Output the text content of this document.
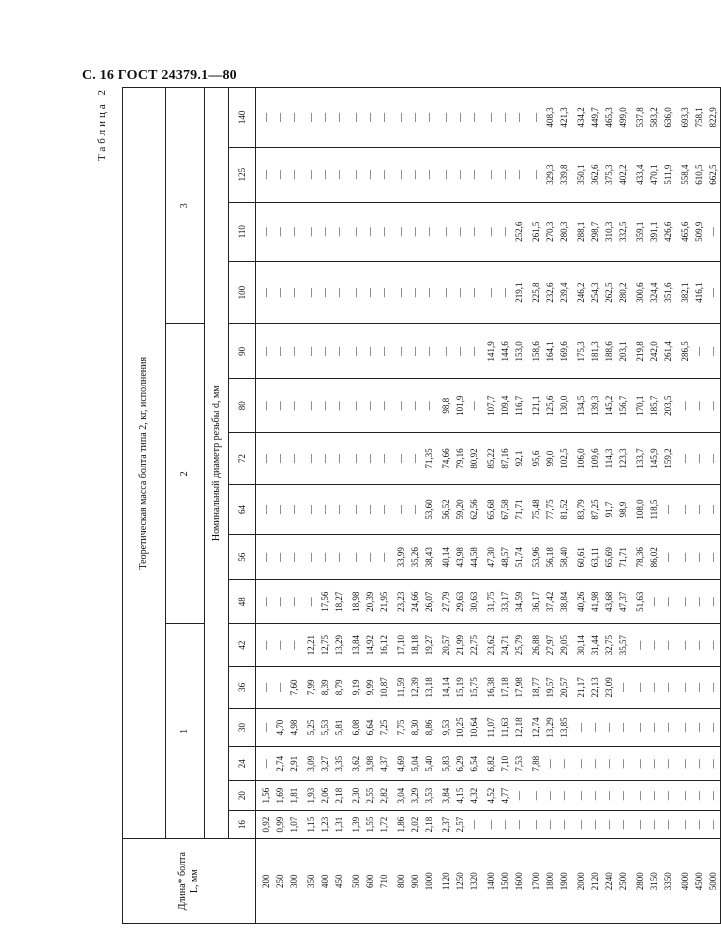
С. 16 ГОСТ 24379.1—80
Таблица 2
Длина* болта L, мм	Теоретическая масса болта типа 2, кг, исполнения															
	1						2						3			
	Номинальный диаметр резьбы d, мм															
	16	20	24	30	36	42	48	56	64	72	80	90	100	110	125	140

200	0,92	1,56	—	—	—	—	—	—	—	—	—	—	—	—	—	—
250	0,99	1,69	2,74	4,70	—	—	—	—	—	—	—	—	—	—	—	—
300	1,07	1,81	2,91	4,98	7,60	—	—	—	—	—	—	—	—	—	—	—

350	1,15	1,93	3,09	5,25	7,99	12,21	—	—	—	—	—	—	—	—	—	—
400	1,23	2,06	3,27	5,53	8,39	12,75	17,56	—	—	—	—	—	—	—	—	—
450	1,31	2,18	3,35	5,81	8,79	13,29	18,27	—	—	—	—	—	—	—	—	—

500	1,39	2,30	3,62	6,08	9,19	13,84	18,98	—	—	—	—	—	—	—	—	—
600	1,55	2,55	3,98	6,64	9,99	14,92	20,39	—	—	—	—	—	—	—	—	—
710	1,72	2,82	4,37	7,25	10,87	16,12	21,95	—	—	—	—	—	—	—	—	—

800	1,86	3,04	4,69	7,75	11,59	17,10	23,23	33,99	—	—	—	—	—	—	—	—
900	2,02	3,29	5,04	8,30	12,39	18,18	24,66	35,26	—	—	—	—	—	—	—	—
1000	2,18	3,53	5,40	8,86	13,18	19,27	26,07	38,43	53,60	71,35	—	—	—	—	—	—

1120	2,37	3,84	5,83	9,53	14,14	20,57	27,79	40,14	56,52	74,66	98,8	—	—	—	—	—
1250	2,57	4,15	6,29	10,25	15,19	21,99	29,63	43,98	59,20	79,16	101,9	—	—	—	—	—
1320	—	4,32	6,54	10,64	15,75	22,75	30,63	44,58	62,56	80,92	—	—	—	—	—	—

1400	—	4,52	6,82	11,07	16,38	23,62	31,75	47,30	65,68	85,22	107,7	141,9	—	—	—	—
1500	—	4,77	7,10	11,63	17,18	24,71	33,17	48,57	67,58	87,16	109,4	144,6	—	—	—	—
1600	—	—	7,53	12,18	17,98	25,79	34,59	51,74	71,71	92,1	116,7	153,0	219,1	252,6	—	—

1700	—	—	7,88	12,74	18,77	26,88	36,17	53,96	75,48	95,6	121,1	158,6	225,8	261,5	—	—
1800	—	—	—	13,29	19,57	27,97	37,42	56,18	77,75	99,0	125,6	164,1	232,6	270,3	329,3	408,3
1900	—	—	—	13,85	20,57	29,05	38,84	58,40	81,52	102,5	130,0	169,6	239,4	280,3	339,8	421,3

2000	—	—	—	—	21,17	30,14	40,26	60,61	83,79	106,0	134,5	175,3	246,2	288,1	350,1	434,2
2120	—	—	—	—	22,13	31,44	41,98	63,11	87,25	109,6	139,3	181,3	254,3	298,7	362,6	449,7
2240	—	—	—	—	23,09	32,75	43,68	65,69	91,7	114,3	145,2	188,6	262,5	310,3	375,3	465,3
2500	—	—	—	—	—	35,57	47,37	71,71	98,9	123,3	156,7	203,1	280,2	332,5	402,2	499,0

2800	—	—	—	—	—	—	51,63	78,36	108,0	133,7	170,1	219,8	300,6	359,1	433,4	537,8
3150	—	—	—	—	—	—	—	86,02	118,5	145,9	185,7	242,0	324,4	391,1	470,1	583,2
3350	—	—	—	—	—	—	—	—	—	159,2	203,5	261,4	351,6	426,6	511,9	636,0

4000	—	—	—	—	—	—	—	—	—	—	—	286,5	382,1	465,6	558,4	693,3
4500	—	—	—	—	—	—	—	—	—	—	—	—	416,1	509,9	610,5	758,1
5000	—	—	—	—	—	—	—	—	—	—	—	—	—	—	662,5	822,9
